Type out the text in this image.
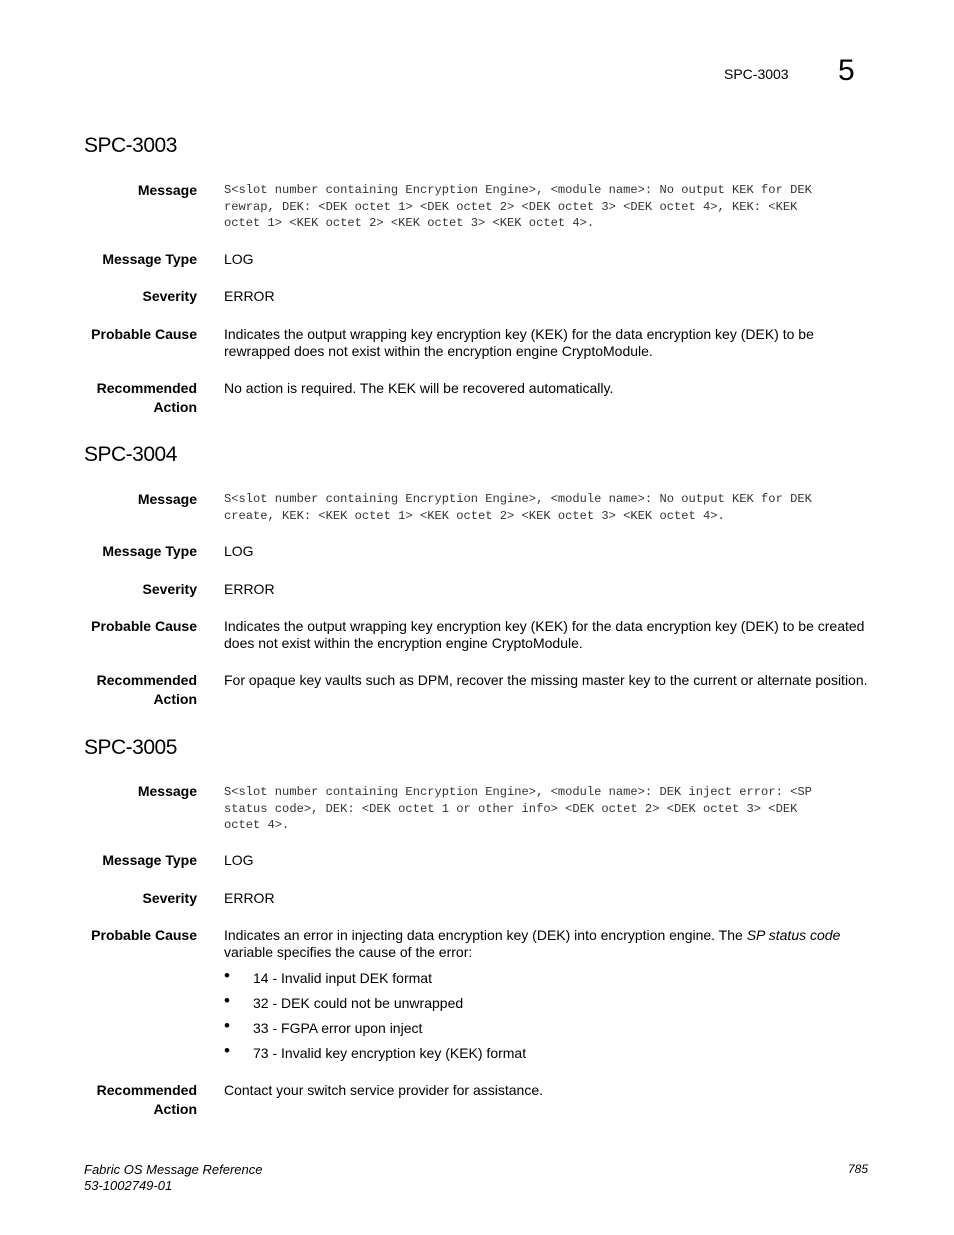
SPC-3003 5
SPC-3003
Message S<slot number containing Encryption Engine>, <module name>: No output KEK for DEK
rewrap, DEK: <DEK octet 1> <DEK octet 2> <DEK octet 3> <DEK octet 4>, KEK: <KEK
octet 1> <KEK octet 2> <KEK octet 3> <KEK octet 4>.
Message Type LOG
Severity ERROR
Probable Cause Indicates the output wrapping key encryption key (KEK) for the data encryption key (DEK) to be
rewrapped does not exist within the encryption engine CryptoModule.
Recommended
Action
No action is required. The KEK will be recovered automatically.
SPC-3004
Message S<slot number containing Encryption Engine>, <module name>: No output KEK for DEK
create, KEK: <KEK octet 1> <KEK octet 2> <KEK octet 3> <KEK octet 4>.
Message Type LOG
Severity ERROR
Probable Cause Indicates the output wrapping key encryption key (KEK) for the data encryption key (DEK) to be created
does not exist within the encryption engine CryptoModule.
Recommended
Action
For opaque key vaults such as DPM, recover the missing master key to the current or alternate position.
SPC-3005
Message S<slot number containing Encryption Engine>, <module name>: DEK inject error: <SP
status code>, DEK: <DEK octet 1 or other info> <DEK octet 2> <DEK octet 3> <DEK
octet 4>.
Message Type LOG
Severity ERROR
Probable Cause Indicates an error in injecting data encryption key (DEK) into encryption engine. The SP status code
variable specifies the cause of the error:
• 14 - Invalid input DEK format
• 32 - DEK could not be unwrapped
• 33 - FGPA error upon inject
• 73 - Invalid key encryption key (KEK) format
Recommended
Action
Contact your switch service provider for assistance.
Fabric OS Message Reference
53-1002749-01
785
